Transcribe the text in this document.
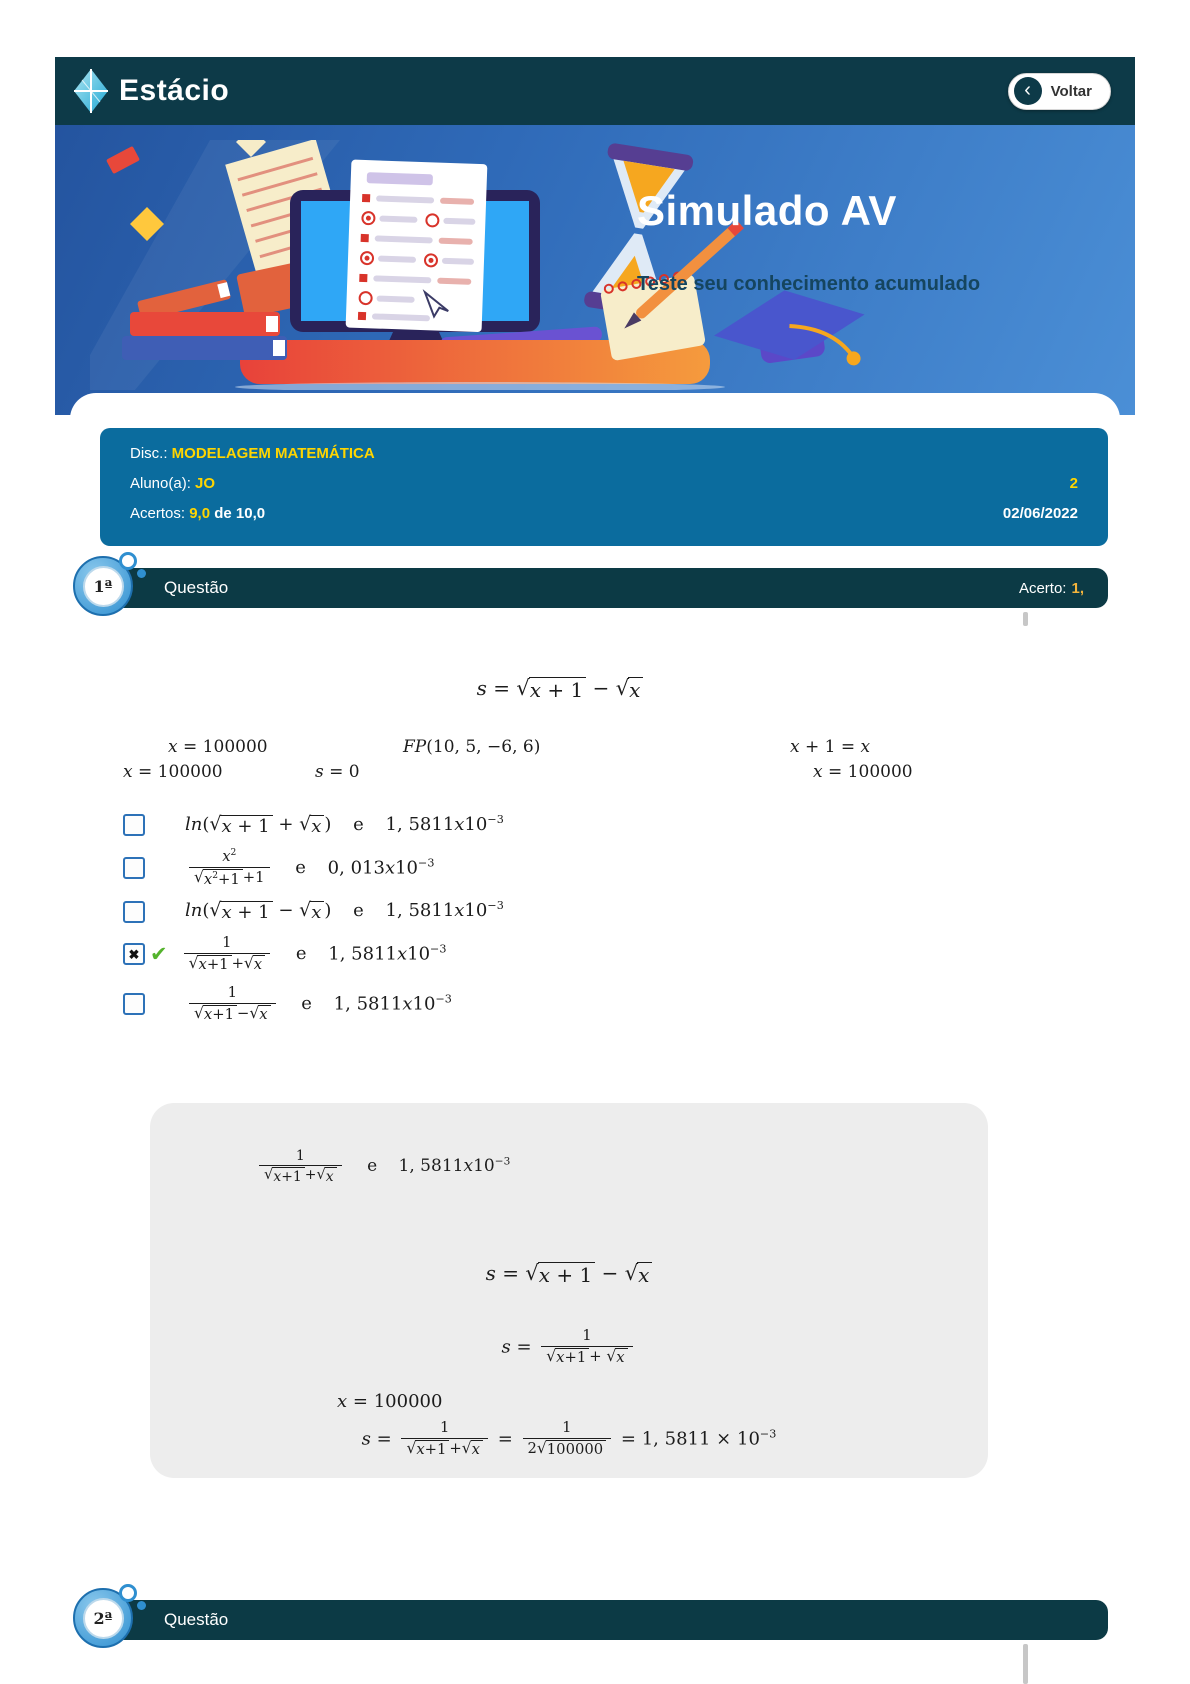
Estácio	‹	Voltar
Simulado AV

Teste seu conhecimento acumulado

Disc.: MODELAGEM MATEMÁTICA
Aluno(a): JO	2
Acertos: 9,0 de 10,0	02/06/2022
1ª	Questão	Acerto: 1,
s = √ x + 1 − √ x
x = 100000	FP(10, 5, −6, 6)	x + 1 = x
x = 100000	s = 0	x = 100000
ln( √ x + 1 + √ x ) e 1, $5811x10^{-3}$
$\frac{x^2}{√ x^2+1 +1}$ e 0, $013x10^{-3}$
ln( √ x + 1 − √ x ) e 1, $5811x10^{-3}$
✖ ✔ $\frac{1}{√ x+1 + √ x}$ e 1, $5811x10^{-3}$
$\frac{1}{√ x+1 - √ x}$ e 1, $5811x10^{-3}$
$\frac{1}{√ x+1 + √ x}$ e 1, $5811x10^{-3}$
s = √ x + 1 − √ x
$s = \frac{1}{√ x+1 + √ x}$
x = 100000
$s = \frac{1}{√ x+1 + √ x} = \frac{1}{2 √ 100000} = 1$, $5811 \times 10^{-3}$
2ª	Questão
